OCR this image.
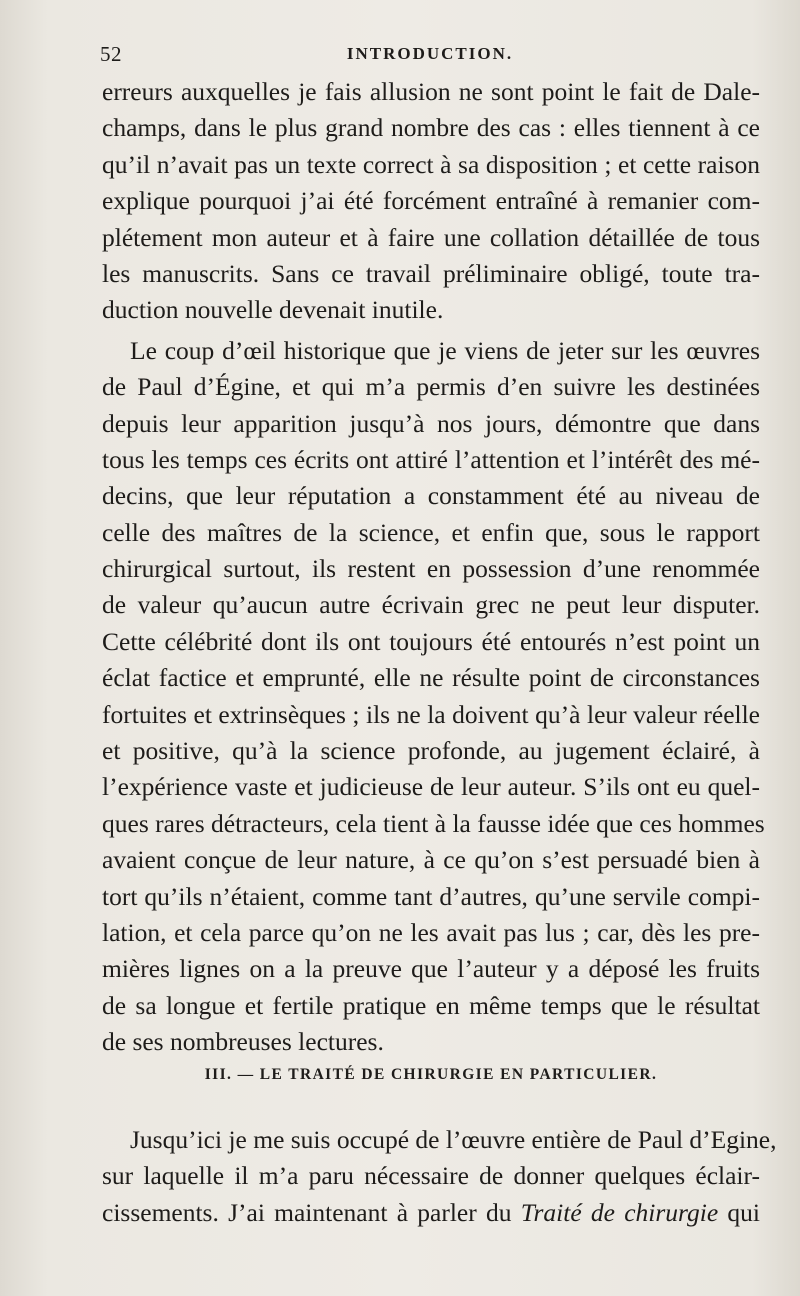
52	INTRODUCTION.
erreurs auxquelles je fais allusion ne sont point le fait de Dale-
champs, dans le plus grand nombre des cas : elles tiennent à ce
qu’il n’avait pas un texte correct à sa disposition ; et cette raison
explique pourquoi j’ai été forcément entraîné à remanier com-
plétement mon auteur et à faire une collation détaillée de tous
les manuscrits. Sans ce travail préliminaire obligé, toute tra-
duction nouvelle devenait inutile.
Le coup d’œil historique que je viens de jeter sur les œuvres
de Paul d’Égine, et qui m’a permis d’en suivre les destinées
depuis leur apparition jusqu’à nos jours, démontre que dans
tous les temps ces écrits ont attiré l’attention et l’intérêt des mé-
decins, que leur réputation a constamment été au niveau de
celle des maîtres de la science, et enfin que, sous le rapport
chirurgical surtout, ils restent en possession d’une renommée
de valeur qu’aucun autre écrivain grec ne peut leur disputer.
Cette célébrité dont ils ont toujours été entourés n’est point un
éclat factice et emprunté, elle ne résulte point de circonstances
fortuites et extrinsèques ; ils ne la doivent qu’à leur valeur réelle
et positive, qu’à la science profonde, au jugement éclairé, à
l’expérience vaste et judicieuse de leur auteur. S’ils ont eu quel-
ques rares détracteurs, cela tient à la fausse idée que ces hommes
avaient conçue de leur nature, à ce qu’on s’est persuadé bien à
tort qu’ils n’étaient, comme tant d’autres, qu’une servile compi-
lation, et cela parce qu’on ne les avait pas lus ; car, dès les pre-
mières lignes on a la preuve que l’auteur y a déposé les fruits
de sa longue et fertile pratique en même temps que le résultat
de ses nombreuses lectures.
III. — LE TRAITÉ DE CHIRURGIE EN PARTICULIER.
Jusqu’ici je me suis occupé de l’œuvre entière de Paul d’Egine,
sur laquelle il m’a paru nécessaire de donner quelques éclair-
cissements. J’ai maintenant à parler du Traité de chirurgie qui
